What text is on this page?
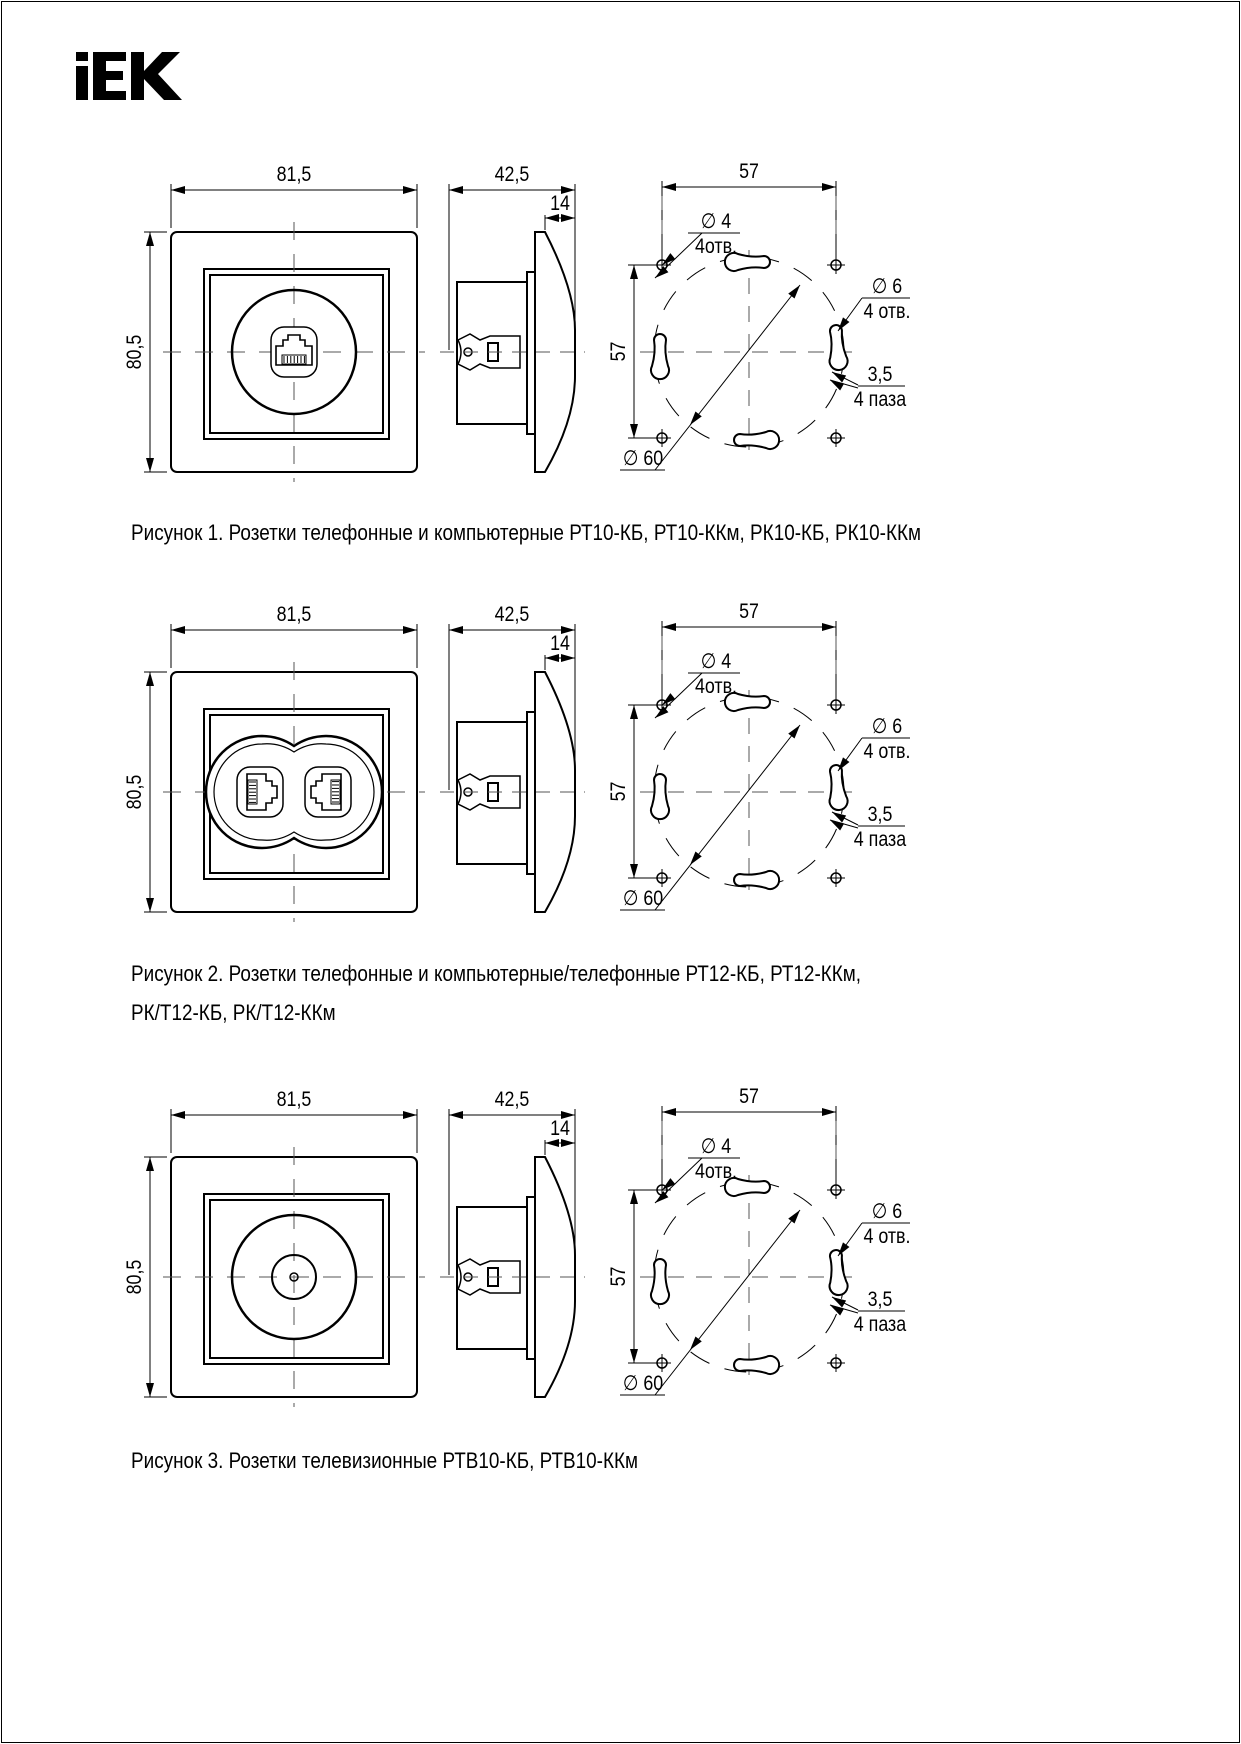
Рисунок 1. Розетки телефонные и компьютерные РТ10-КБ, РТ10-ККм, РК10-КБ, РК10-ККм
Рисунок 2. Розетки телефонные и компьютерные/телефонные РТ12-КБ, РТ12-ККм,
РК/Т12-КБ, РК/Т12-ККм
Рисунок 3. Розетки телевизионные РТВ10-КБ, РТВ10-ККм
81,5
80,5
42,5
14
57
57
∅ 60
∅ 4
4отв.
∅ 6
4 отв.
3,5
4 паза
81,5
80,5
42,5
14
57
57
∅ 60
∅ 4
4отв.
∅ 6
4 отв.
3,5
4 паза
81,5
80,5
42,5
14
57
57
∅ 60
∅ 4
4отв.
∅ 6
4 отв.
3,5
4 паза
